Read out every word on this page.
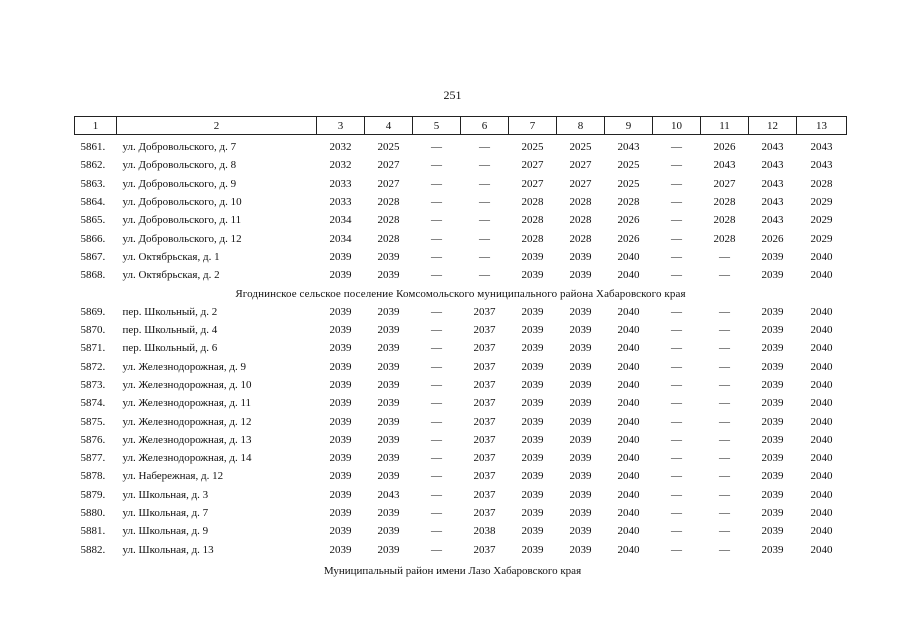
251
1	2	3	4	5	6	7	8	9	10	11	12	13
5861.	ул. Добровольского, д. 7	2032	2025	—	—	2025	2025	2043	—	2026	2043	2043
5862.	ул. Добровольского, д. 8	2032	2027	—	—	2027	2027	2025	—	2043	2043	2043
5863.	ул. Добровольского, д. 9	2033	2027	—	—	2027	2027	2025	—	2027	2043	2028
5864.	ул. Добровольского, д. 10	2033	2028	—	—	2028	2028	2028	—	2028	2043	2029
5865.	ул. Добровольского, д. 11	2034	2028	—	—	2028	2028	2026	—	2028	2043	2029
5866.	ул. Добровольского, д. 12	2034	2028	—	—	2028	2028	2026	—	2028	2026	2029
5867.	ул. Октябрьская, д. 1	2039	2039	—	—	2039	2039	2040	—	—	2039	2040
5868.	ул. Октябрьская, д. 2	2039	2039	—	—	2039	2039	2040	—	—	2039	2040
Ягоднинское сельское поселение Комсомольского муниципального района Хабаровского края												
5869.	пер. Школьный, д. 2	2039	2039	—	2037	2039	2039	2040	—	—	2039	2040
5870.	пер. Школьный, д. 4	2039	2039	—	2037	2039	2039	2040	—	—	2039	2040
5871.	пер. Школьный, д. 6	2039	2039	—	2037	2039	2039	2040	—	—	2039	2040
5872.	ул. Железнодорожная, д. 9	2039	2039	—	2037	2039	2039	2040	—	—	2039	2040
5873.	ул. Железнодорожная, д. 10	2039	2039	—	2037	2039	2039	2040	—	—	2039	2040
5874.	ул. Железнодорожная, д. 11	2039	2039	—	2037	2039	2039	2040	—	—	2039	2040
5875.	ул. Железнодорожная, д. 12	2039	2039	—	2037	2039	2039	2040	—	—	2039	2040
5876.	ул. Железнодорожная, д. 13	2039	2039	—	2037	2039	2039	2040	—	—	2039	2040
5877.	ул. Железнодорожная, д. 14	2039	2039	—	2037	2039	2039	2040	—	—	2039	2040
5878.	ул. Набережная, д. 12	2039	2039	—	2037	2039	2039	2040	—	—	2039	2040
5879.	ул. Школьная, д. 3	2039	2043	—	2037	2039	2039	2040	—	—	2039	2040
5880.	ул. Школьная, д. 7	2039	2039	—	2037	2039	2039	2040	—	—	2039	2040
5881.	ул. Школьная, д. 9	2039	2039	—	2038	2039	2039	2040	—	—	2039	2040
5882.	ул. Школьная, д. 13	2039	2039	—	2037	2039	2039	2040	—	—	2039	2040
Муниципальный район имени Лазо Хабаровского края
